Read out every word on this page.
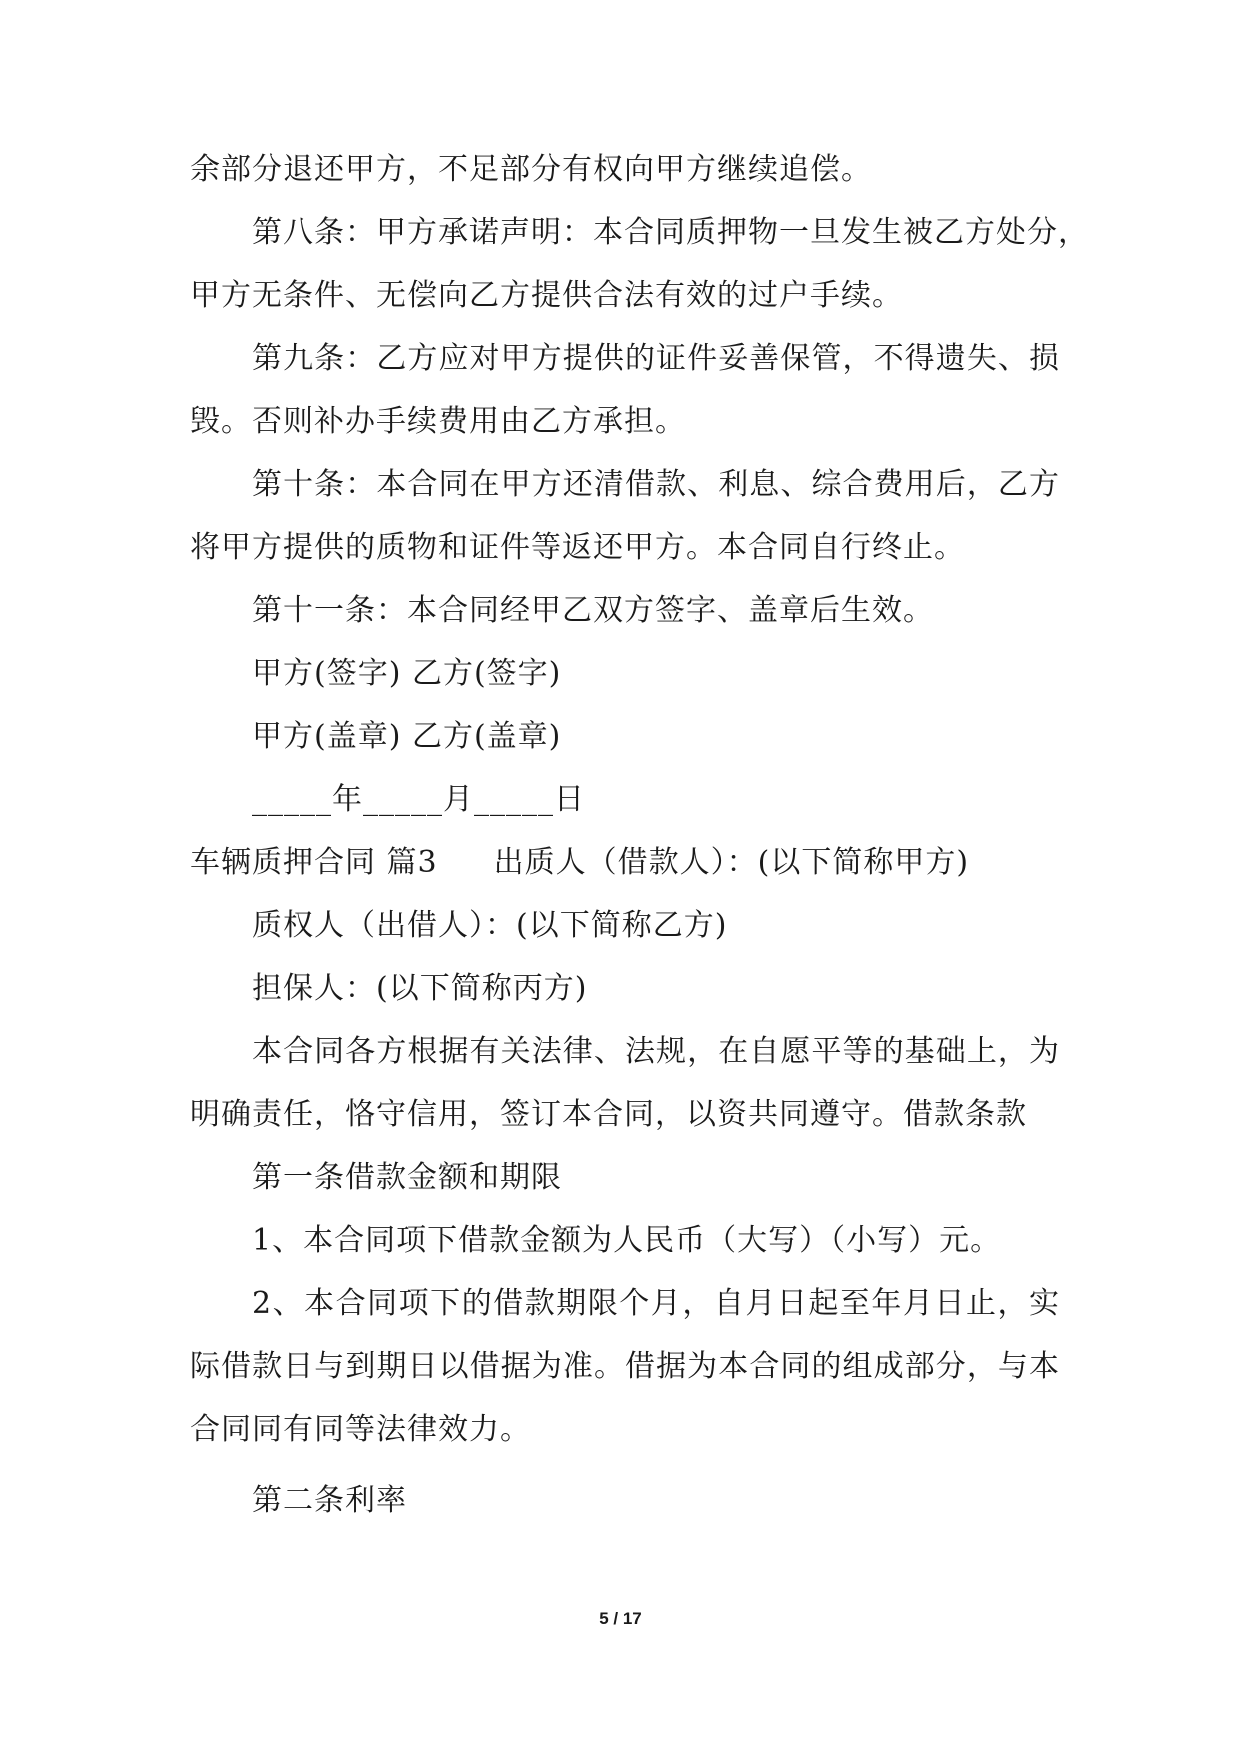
余部分退还甲方，不足部分有权向甲方继续追偿。
第八条：甲方承诺声明：本合同质押物一旦发生被乙方处分，
甲方无条件、无偿向乙方提供合法有效的过户手续。
第九条：乙方应对甲方提供的证件妥善保管，不得遗失、损
毁。否则补办手续费用由乙方承担。
第十条：本合同在甲方还清借款、利息、综合费用后，乙方
将甲方提供的质物和证件等返还甲方。本合同自行终止。
第十一条：本合同经甲乙双方签字、盖章后生效。
甲方(签字) 乙方(签字)
甲方(盖章) 乙方(盖章)
_____年_____月_____日
车辆质押合同 篇3 出质人（借款人）：(以下简称甲方)
质权人（出借人）：(以下简称乙方)
担保人：(以下简称丙方)
本合同各方根据有关法律、法规，在自愿平等的基础上，为
明确责任，恪守信用，签订本合同，以资共同遵守。借款条款
第一条借款金额和期限
1、本合同项下借款金额为人民币（大写）（小写）元。
2、本合同项下的借款期限个月，自月日起至年月日止，实
际借款日与到期日以借据为准。借据为本合同的组成部分，与本
合同同有同等法律效力。
第二条利率
5 / 17
